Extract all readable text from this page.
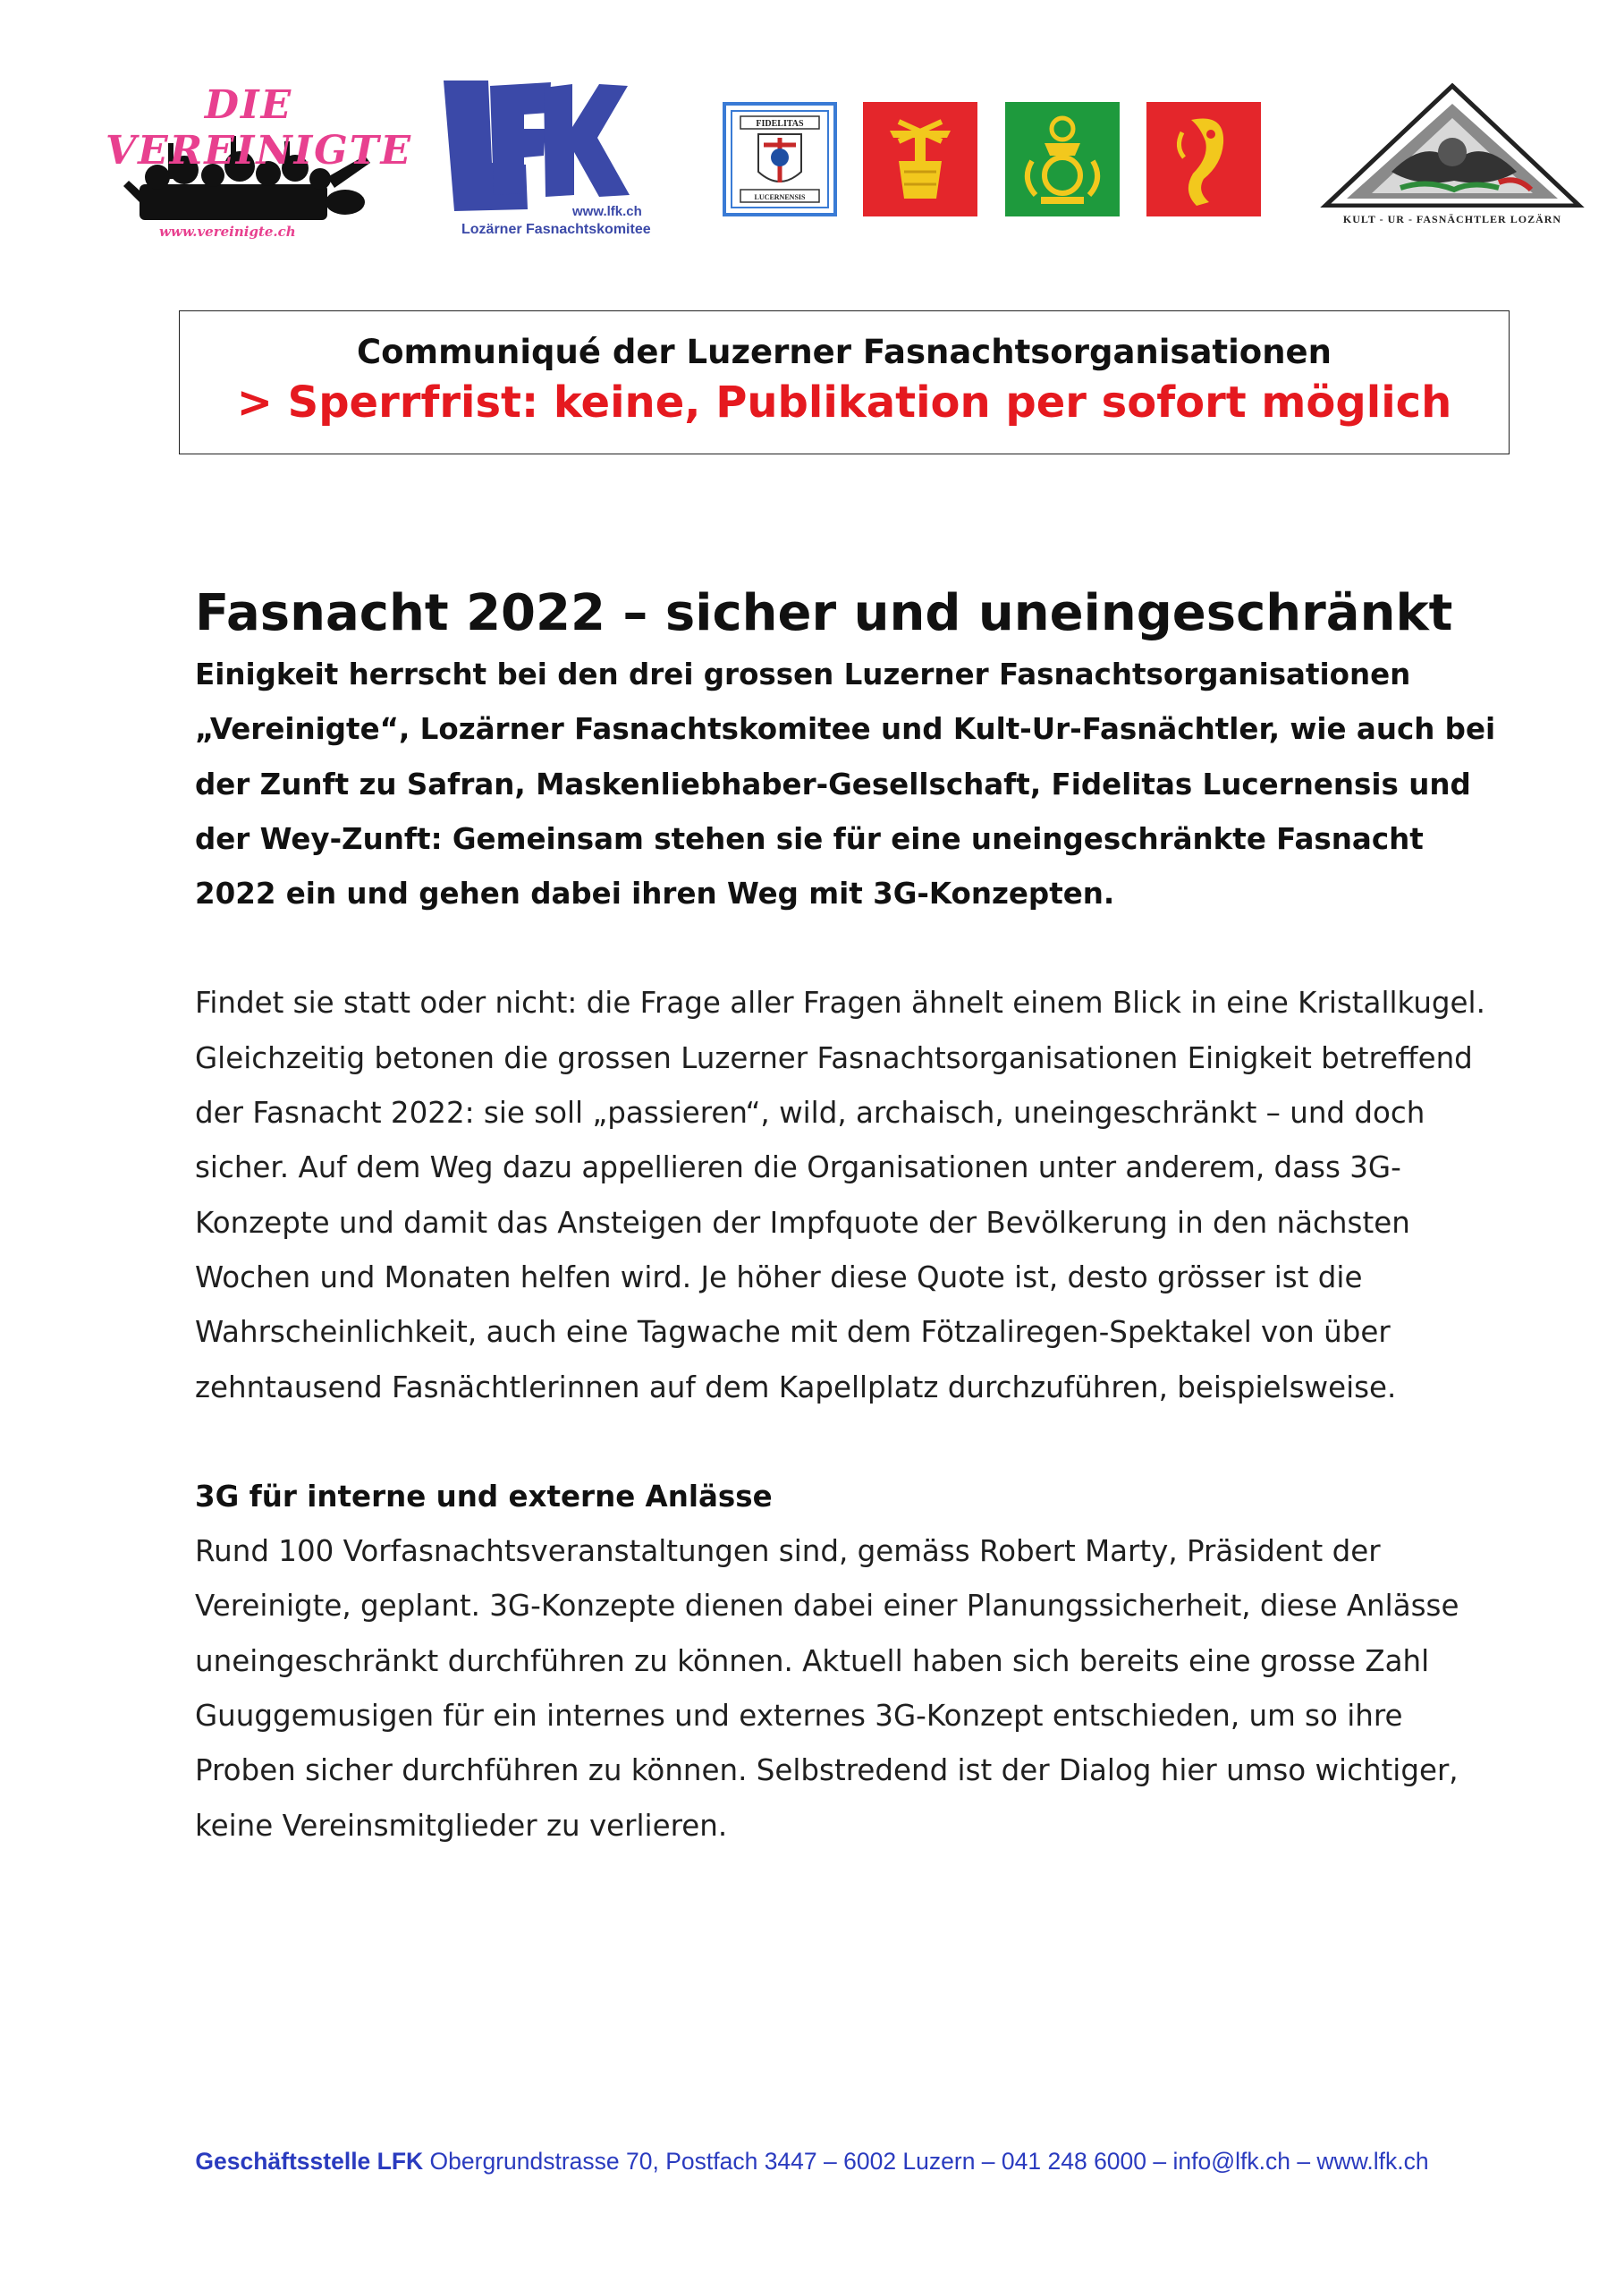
DIE VEREINIGTE
www.vereinigte.ch
www.lfk.ch
Lozärner Fasnachtskomitee
FIDELITAS
LUCERNENSIS
KULT - UR - FASNÄCHTLER LOZÄRN
Communiqué der Luzerner Fasnachtsorganisationen
> Sperrfrist: keine, Publikation per sofort möglich
Fasnacht 2022 – sicher und uneingeschränkt

Einigkeit herrscht bei den drei grossen Luzerner Fasnachtsorganisationen „Vereinigte“, Lozärner Fasnachtskomitee und Kult-Ur-Fasnächtler, wie auch bei der Zunft zu Safran, Maskenliebhaber-Gesellschaft, Fidelitas Lucernensis und der Wey-Zunft: Gemeinsam stehen sie für eine uneingeschränkte Fasnacht 2022 ein und gehen dabei ihren Weg mit 3G-Konzepten.

Findet sie statt oder nicht: die Frage aller Fragen ähnelt einem Blick in eine Kristallkugel. Gleichzeitig betonen die grossen Luzerner Fasnachtsorganisationen Einigkeit betreffend der Fasnacht 2022: sie soll „passieren“, wild, archaisch, uneingeschränkt – und doch sicher. Auf dem Weg dazu appellieren die Organisationen unter anderem, dass 3G-Konzepte und damit das Ansteigen der Impfquote der Bevölkerung in den nächsten Wochen und Monaten helfen wird. Je höher diese Quote ist, desto grösser ist die Wahrscheinlichkeit, auch eine Tagwache mit dem Fötzaliregen-Spektakel von über zehntausend Fasnächtlerinnen auf dem Kapellplatz durchzuführen, beispielsweise.

3G für interne und externe Anlässe

Rund 100 Vorfasnachtsveranstaltungen sind, gemäss Robert Marty, Präsident der Vereinigte, geplant. 3G-Konzepte dienen dabei einer Planungssicherheit, diese Anlässe uneingeschränkt durchführen zu können. Aktuell haben sich bereits eine grosse Zahl Guuggemusigen für ein internes und externes 3G-Konzept entschieden, um so ihre Proben sicher durchführen zu können. Selbstredend ist der Dialog hier umso wichtiger, keine Vereinsmitglieder zu verlieren.

Geschäftsstelle LFK Obergrundstrasse 70, Postfach 3447 – 6002 Luzern – 041 248 6000 – info@lfk.ch – www.lfk.ch
